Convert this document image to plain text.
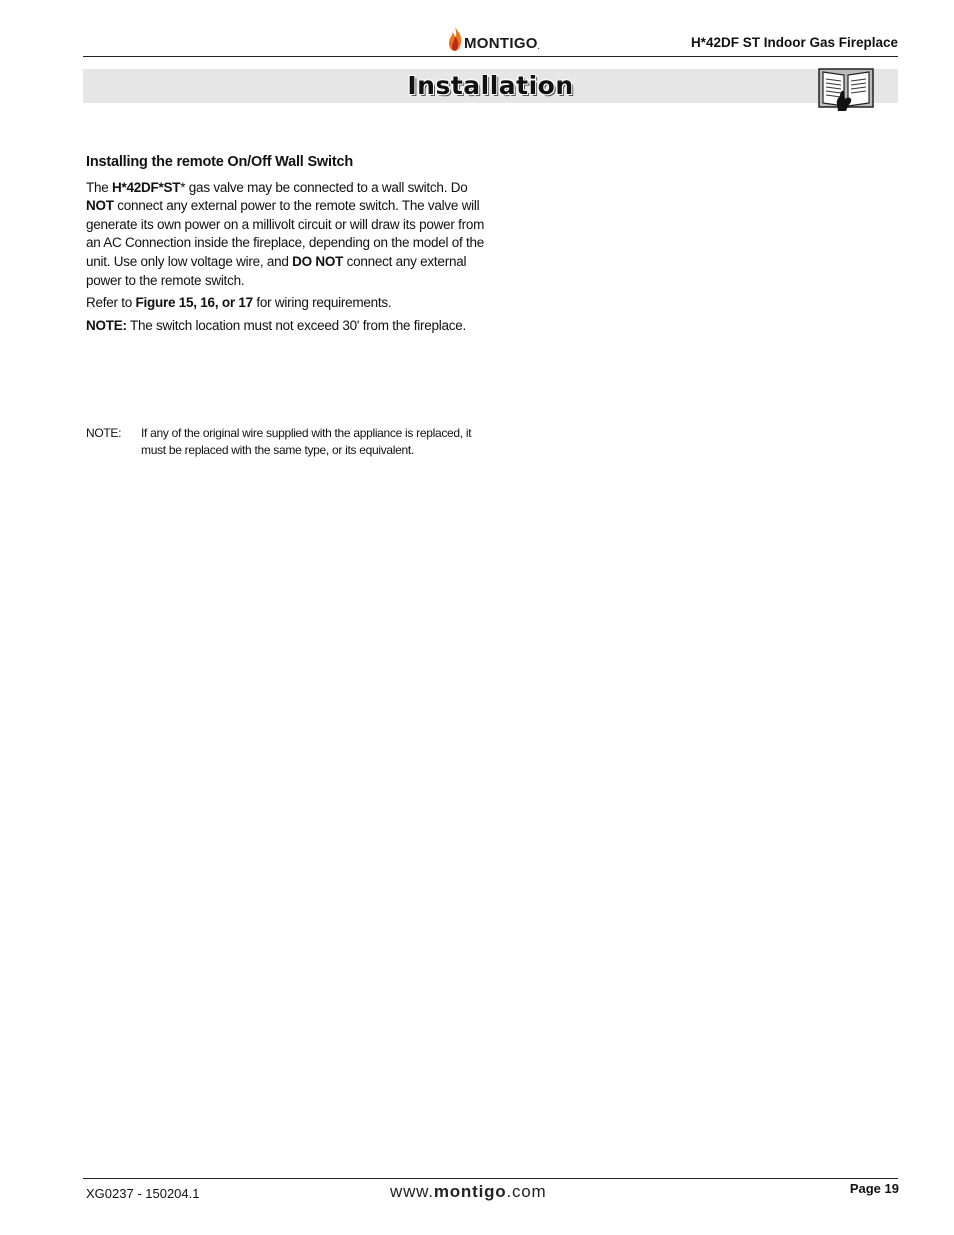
MONTIGO.	H*42DF ST Indoor Gas Fireplace
Installation
Installing the remote On/Off Wall Switch

The H*42DF*ST* gas valve may be connected to a wall switch. Do NOT connect any external power to the remote switch. The valve will generate its own power on a millivolt circuit or will draw its power from an AC Connection inside the fireplace, depending on the model of the unit. Use only low voltage wire, and DO NOT connect any external power to the remote switch.

Refer to Figure 15, 16, or 17 for wiring requirements.

NOTE: The switch location must not exceed 30' from the fireplace.

NOTE: If any of the original wire supplied with the appliance is replaced, it must be replaced with the same type, or its equivalent.
XG0237 - 150204.1	www.montigo.com	Page 19
